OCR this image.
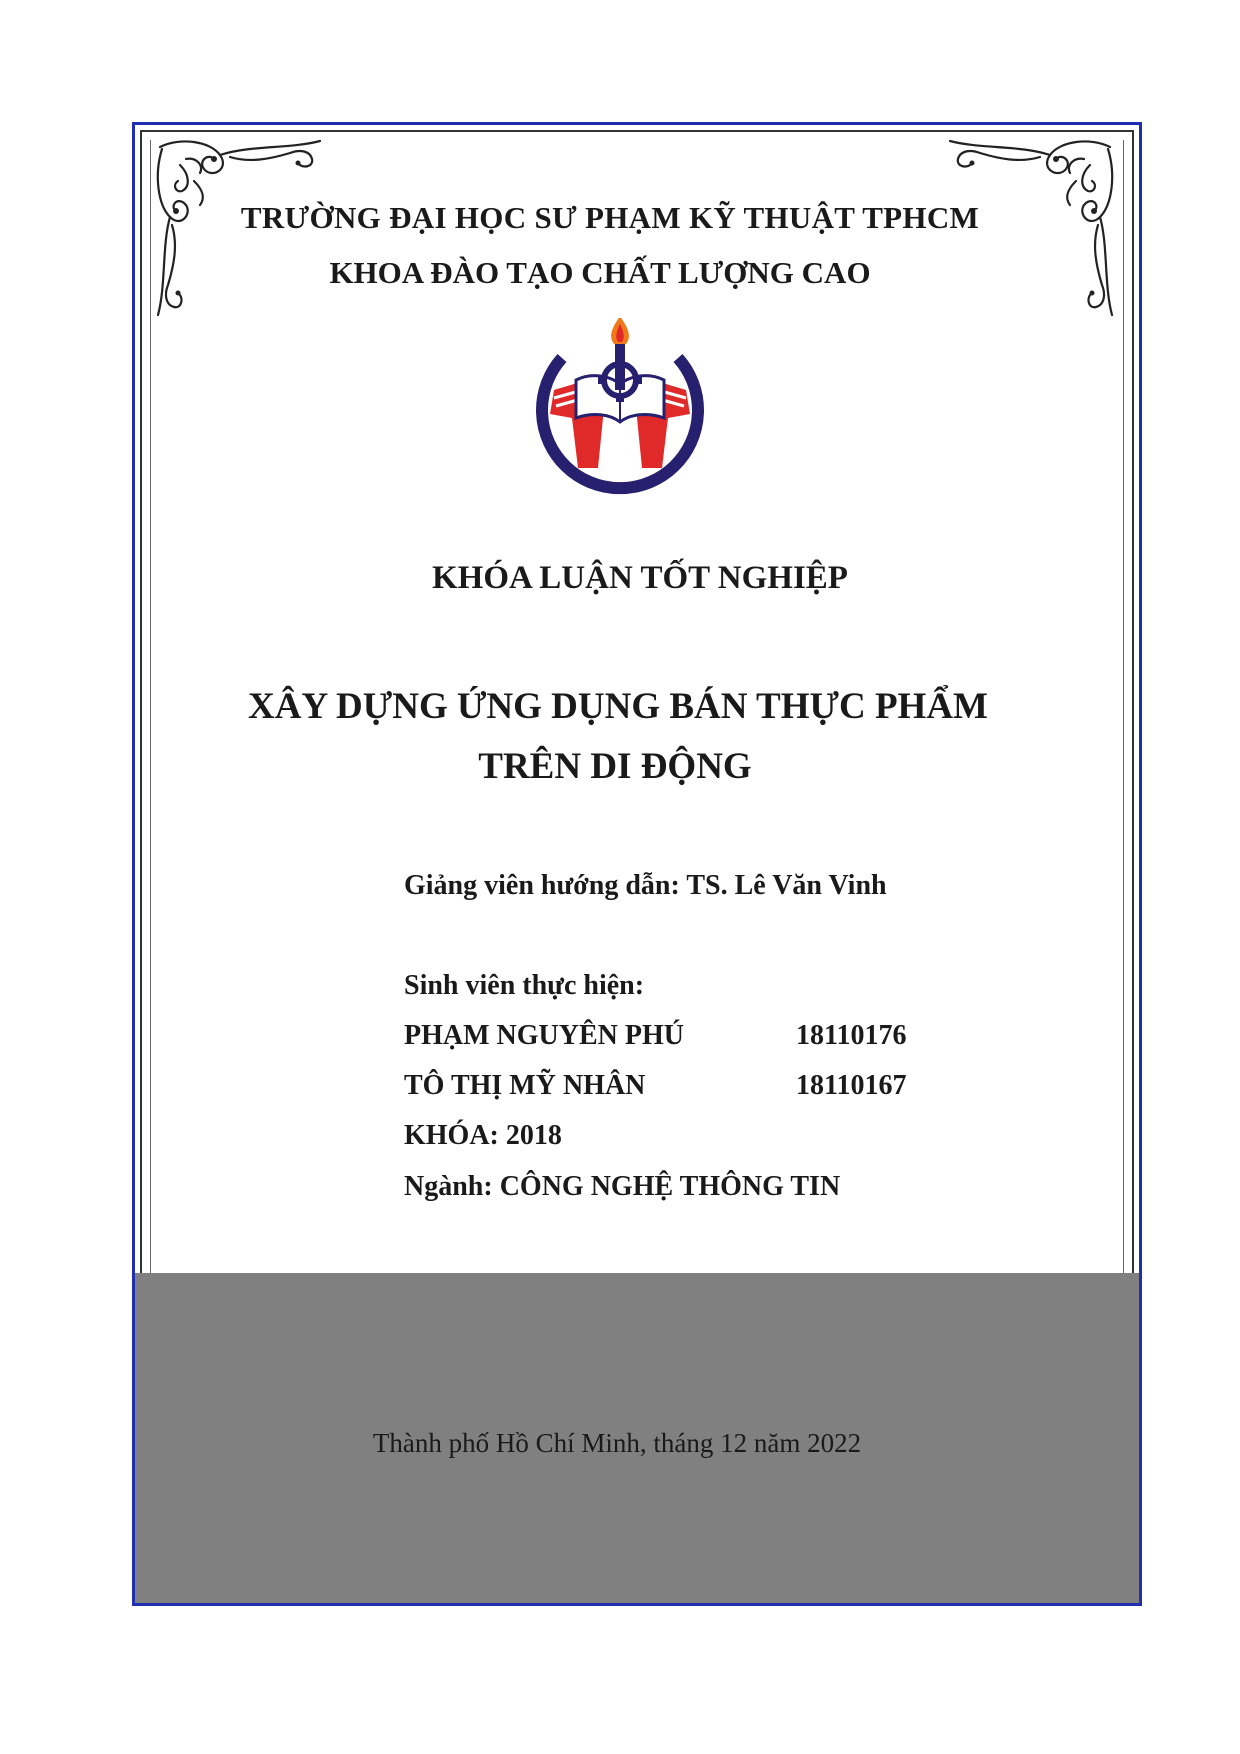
TRƯỜNG ĐẠI HỌC SƯ PHẠM KỸ THUẬT TPHCM

KHOA ĐÀO TẠO CHẤT LƯỢNG CAO

KHÓA LUẬN TỐT NGHIỆP

XÂY DỰNG ỨNG DỤNG BÁN THỰC PHẨM

TRÊN DI ĐỘNG

Giảng viên hướng dẫn: TS. Lê Văn Vinh

Sinh viên thực hiện:

PHẠM NGUYÊN PHÚ	18110176
TÔ THỊ MỸ NHÂN	18110167

KHÓA: 2018

Ngành: CÔNG NGHỆ THÔNG TIN

Thành phố Hồ Chí Minh, tháng 12 năm 2022
